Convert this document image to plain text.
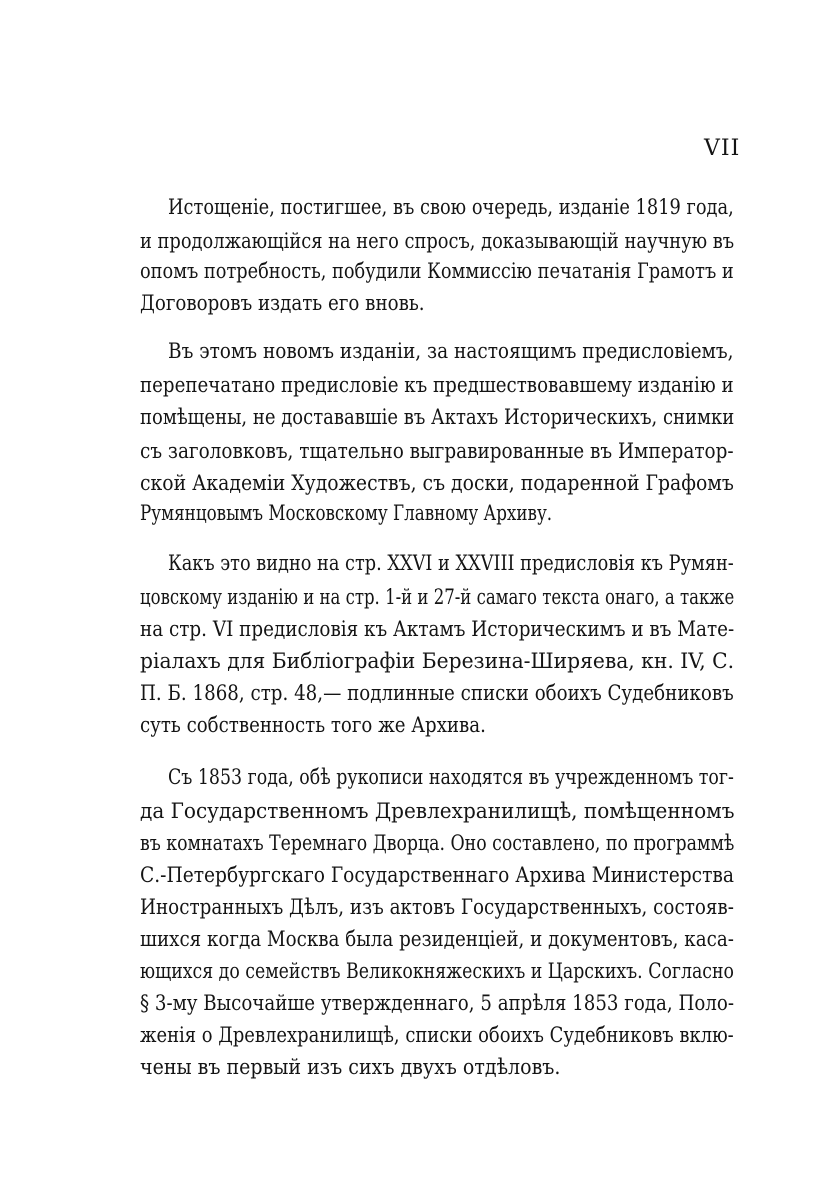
VII
Истощеніе, постигшее, въ свою очередь, изданіе 1819 года,
и продолжающійся на него спросъ, доказывающій научную въ
опомъ потребность, побудили Коммиссію печатанія Грамотъ и
Договоровъ издать его вновь.
Въ этомъ новомъ изданіи, за настоящимъ предисловіемъ,
перепечатано предисловіе къ предшествовавшему изданію и
помѣщены, не достававшіе въ Актахъ Историческихъ, снимки
съ заголовковъ, тщательно выгравированные въ Император-
ской Академіи Художествъ, съ доски, подаренной Графомъ
Румянцовымъ Московскому Главному Архиву.
Какъ это видно на стр. XXVI и XXVIII предисловія къ Румян-
цовскому изданію и на стр. 1-й и 27-й самаго текста онаго, а также
на стр. VI предисловія къ Актамъ Историческимъ и въ Мате-
ріалахъ для Библіографіи Березина-Ширяева, кн. IV, С.
П. Б. 1868, стр. 48,— подлинные списки обоихъ Судебниковъ
суть собственность того же Архива.
Съ 1853 года, обѣ рукописи находятся въ учрежденномъ тог-
да Государственномъ Древлехранилищѣ, помѣщенномъ
въ комнатахъ Теремнаго Дворца. Оно составлено, по программѣ
С.-Петербургскаго Государственнаго Архива Министерства
Иностранныхъ Дѣлъ, изъ актовъ Государственныхъ, состояв-
шихся когда Москва была резиденціей, и документовъ, каса-
ющихся до семействъ Великокняжескихъ и Царскихъ. Согласно
§ 3-му Высочайше утвержденнаго, 5 апрѣля 1853 года, Поло-
женія о Древлехранилищѣ, списки обоихъ Судебниковъ вклю-
чены въ первый изъ сихъ двухъ отдѣловъ.
